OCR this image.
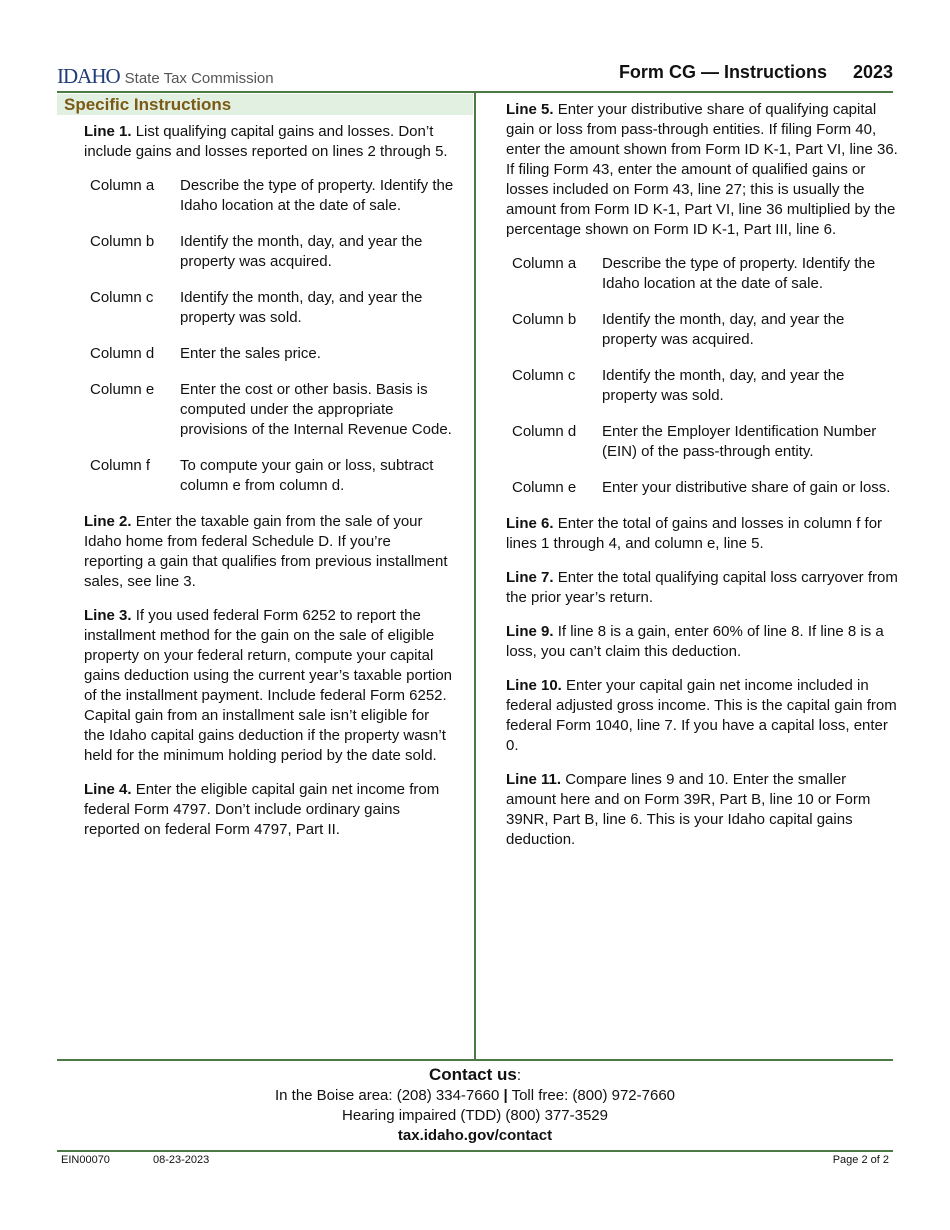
IDAHO State Tax Commission	Form CG — Instructions 2023
Specific Instructions

Line 1. List qualifying capital gains and losses. Don’t include gains and losses reported on lines 2 through 5.

Column a	Describe the type of property. Identify the Idaho location at the date of sale.
Column b	Identify the month, day, and year the property was acquired.
Column c	Identify the month, day, and year the property was sold.
Column d	Enter the sales price.
Column e	Enter the cost or other basis. Basis is computed under the appropriate provisions of the Internal Revenue Code.
Column f	To compute your gain or loss, subtract column e from column d.

Line 2. Enter the taxable gain from the sale of your Idaho home from federal Schedule D. If you’re reporting a gain that qualifies from previous installment sales, see line 3.

Line 3. If you used federal Form 6252 to report the installment method for the gain on the sale of eligible property on your federal return, compute your capital gains deduction using the current year’s taxable portion of the installment payment. Include federal Form 6252. Capital gain from an installment sale isn’t eligible for the Idaho capital gains deduction if the property wasn’t held for the minimum holding period by the date sold.

Line 4. Enter the eligible capital gain net income from federal Form 4797. Don’t include ordinary gains reported on federal Form 4797, Part II.

Line 5. Enter your distributive share of qualifying capital gain or loss from pass-through entities. If filing Form 40, enter the amount shown from Form ID K-1, Part VI, line 36. If filing Form 43, enter the amount of qualified gains or losses included on Form 43, line 27; this is usually the amount from Form ID K-1, Part VI, line 36 multiplied by the percentage shown on Form ID K-1, Part III, line 6.

Column a	Describe the type of property. Identify the Idaho location at the date of sale.
Column b	Identify the month, day, and year the property was acquired.
Column c	Identify the month, day, and year the property was sold.
Column d	Enter the Employer Identification Number (EIN) of the pass-through entity.
Column e	Enter your distributive share of gain or loss.

Line 6. Enter the total of gains and losses in column f for lines 1 through 4, and column e, line 5.

Line 7. Enter the total qualifying capital loss carryover from the prior year’s return.

Line 9. If line 8 is a gain, enter 60% of line 8. If line 8 is a loss, you can’t claim this deduction.

Line 10. Enter your capital gain net income included in federal adjusted gross income. This is the capital gain from federal Form 1040, line 7. If you have a capital loss, enter 0.

Line 11. Compare lines 9 and 10. Enter the smaller amount here and on Form 39R, Part B, line 10 or Form 39NR, Part B, line 6. This is your Idaho capital gains deduction.

Contact us:
In the Boise area: (208) 334-7660 | Toll free: (800) 972-7660
Hearing impaired (TDD) (800) 377-3529
tax.idaho.gov/contact
EIN00070	08-23-2023	Page 2 of 2
